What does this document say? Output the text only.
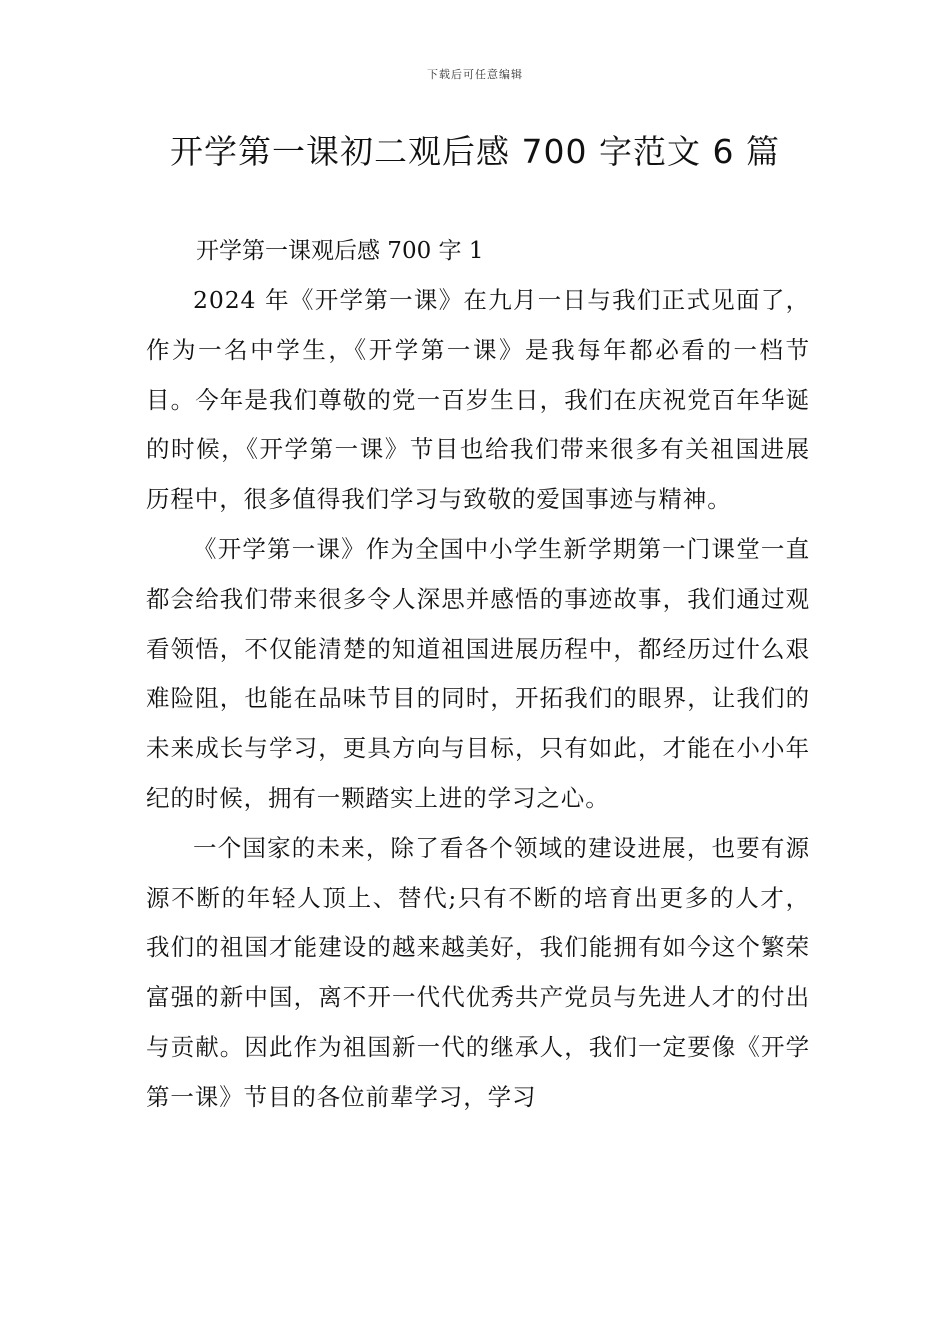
下载后可任意编辑
开学第一课初二观后感 700 字范文 6 篇
开学第一课观后感 700 字 1

2024 年《开学第一课》在九月一日与我们正式见面了，作为一名中学生，《开学第一课》是我每年都必看的一档节目。今年是我们尊敬的党一百岁生日，我们在庆祝党百年华诞的时候，《开学第一课》节目也给我们带来很多有关祖国进展历程中，很多值得我们学习与致敬的爱国事迹与精神。

《开学第一课》作为全国中小学生新学期第一门课堂一直都会给我们带来很多令人深思并感悟的事迹故事，我们通过观看领悟，不仅能清楚的知道祖国进展历程中，都经历过什么艰难险阻，也能在品味节目的同时，开拓我们的眼界，让我们的未来成长与学习，更具方向与目标，只有如此，才能在小小年纪的时候，拥有一颗踏实上进的学习之心。

一个国家的未来，除了看各个领域的建设进展，也要有源源不断的年轻人顶上、替代;只有不断的培育出更多的人才，我们的祖国才能建设的越来越美好，我们能拥有如今这个繁荣富强的新中国，离不开一代代优秀共产党员与先进人才的付出与贡献。因此作为祖国新一代的继承人，我们一定要像《开学第一课》节目的各位前辈学习，学习
